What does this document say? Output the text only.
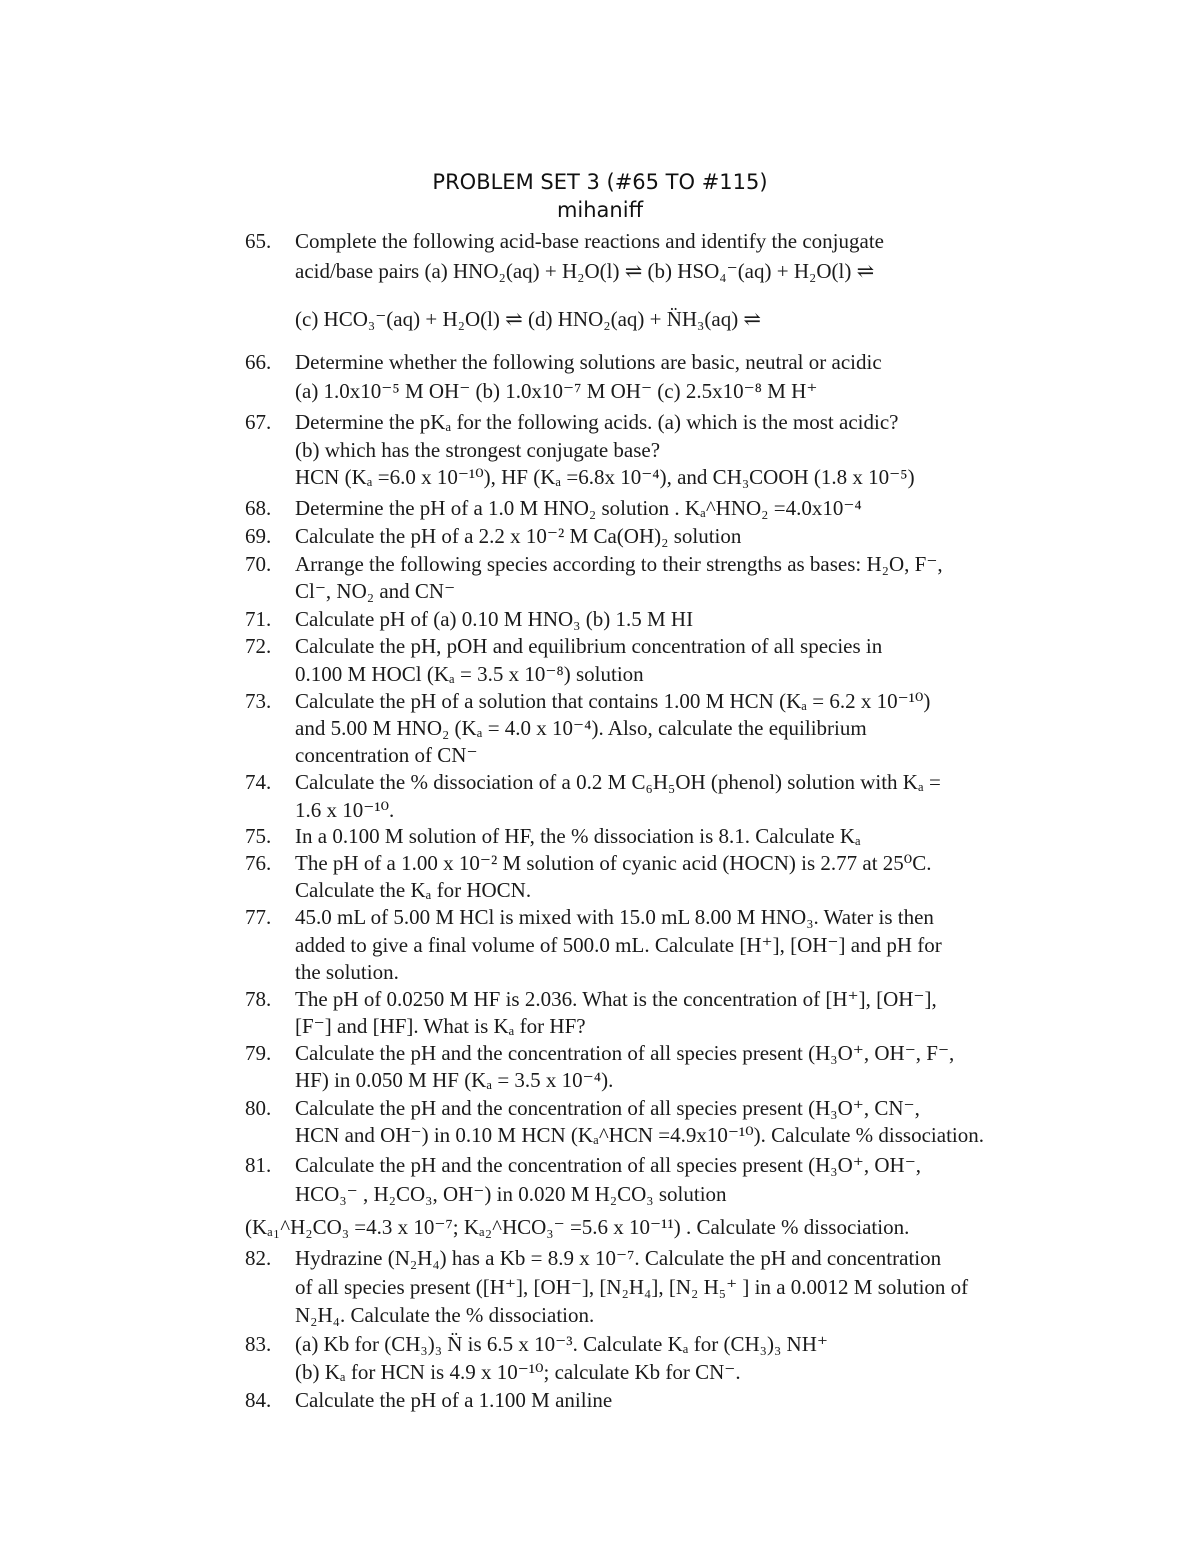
PROBLEM SET 3 (#65 TO #115)
mihaniff
65.	Complete the following acid-base reactions and identify the conjugate
acid/base pairs (a) HNO₂(aq) + H₂O(l) ⇌ (b) HSO₄⁻(aq) + H₂O(l) ⇌
(c) HCO₃⁻(aq) + H₂O(l) ⇌ (d) HNO₂(aq) + N̈H₃(aq) ⇌
66.	Determine whether the following solutions are basic, neutral or acidic
(a) 1.0x10⁻⁵ M OH⁻ (b) 1.0x10⁻⁷ M OH⁻ (c) 2.5x10⁻⁸ M H⁺
67.	Determine the pKₐ for the following acids. (a) which is the most acidic?
(b) which has the strongest conjugate base?
HCN (Kₐ =6.0 x 10⁻¹⁰), HF (Kₐ =6.8x 10⁻⁴), and CH₃COOH (1.8 x 10⁻⁵)
68.	Determine the pH of a 1.0 M HNO₂ solution . Kₐ^HNO₂ =4.0x10⁻⁴
69.	Calculate the pH of a 2.2 x 10⁻² M Ca(OH)₂ solution
70.	Arrange the following species according to their strengths as bases: H₂O, F⁻,
Cl⁻, NO₂ and CN⁻
71.	Calculate pH of (a) 0.10 M HNO₃ (b) 1.5 M HI
72.	Calculate the pH, pOH and equilibrium concentration of all species in
0.100 M HOCl (Kₐ = 3.5 x 10⁻⁸) solution
73.	Calculate the pH of a solution that contains 1.00 M HCN (Kₐ = 6.2 x 10⁻¹⁰)
and 5.00 M HNO₂ (Kₐ = 4.0 x 10⁻⁴). Also, calculate the equilibrium
concentration of CN⁻
74.	Calculate the % dissociation of a 0.2 M C₆H₅OH (phenol) solution with Kₐ =
1.6 x 10⁻¹⁰.
75.	In a 0.100 M solution of HF, the % dissociation is 8.1. Calculate Kₐ
76.	The pH of a 1.00 x 10⁻² M solution of cyanic acid (HOCN) is 2.77 at 25⁰C.
Calculate the Kₐ for HOCN.
77.	45.0 mL of 5.00 M HCl is mixed with 15.0 mL 8.00 M HNO₃. Water is then
added to give a final volume of 500.0 mL. Calculate [H⁺], [OH⁻] and pH for
the solution.
78.	The pH of 0.0250 M HF is 2.036. What is the concentration of [H⁺], [OH⁻],
[F⁻] and [HF]. What is Kₐ for HF?
79.	Calculate the pH and the concentration of all species present (H₃O⁺, OH⁻, F⁻,
HF) in 0.050 M HF (Kₐ = 3.5 x 10⁻⁴).
80.	Calculate the pH and the concentration of all species present (H₃O⁺, CN⁻,
HCN and OH⁻) in 0.10 M HCN (Kₐ^HCN =4.9x10⁻¹⁰). Calculate % dissociation.
81.	Calculate the pH and the concentration of all species present (H₃O⁺, OH⁻,
HCO₃⁻ , H₂CO₃, OH⁻) in 0.020 M H₂CO₃ solution
(Kₐ₁^H₂CO₃ =4.3 x 10⁻⁷; Kₐ₂^HCO₃⁻ =5.6 x 10⁻¹¹) . Calculate % dissociation.
82.	Hydrazine (N₂H₄) has a Kb = 8.9 x 10⁻⁷. Calculate the pH and concentration
of all species present ([H⁺], [OH⁻], [N₂H₄], [N₂ H₅⁺ ] in a 0.0012 M solution of
N₂H₄. Calculate the % dissociation.
83.	(a) Kb for (CH₃)₃ N̈ is 6.5 x 10⁻³. Calculate Kₐ for (CH₃)₃ NH⁺
(b) Kₐ for HCN is 4.9 x 10⁻¹⁰; calculate Kb for CN⁻.
84.	Calculate the pH of a 1.100 M aniline
